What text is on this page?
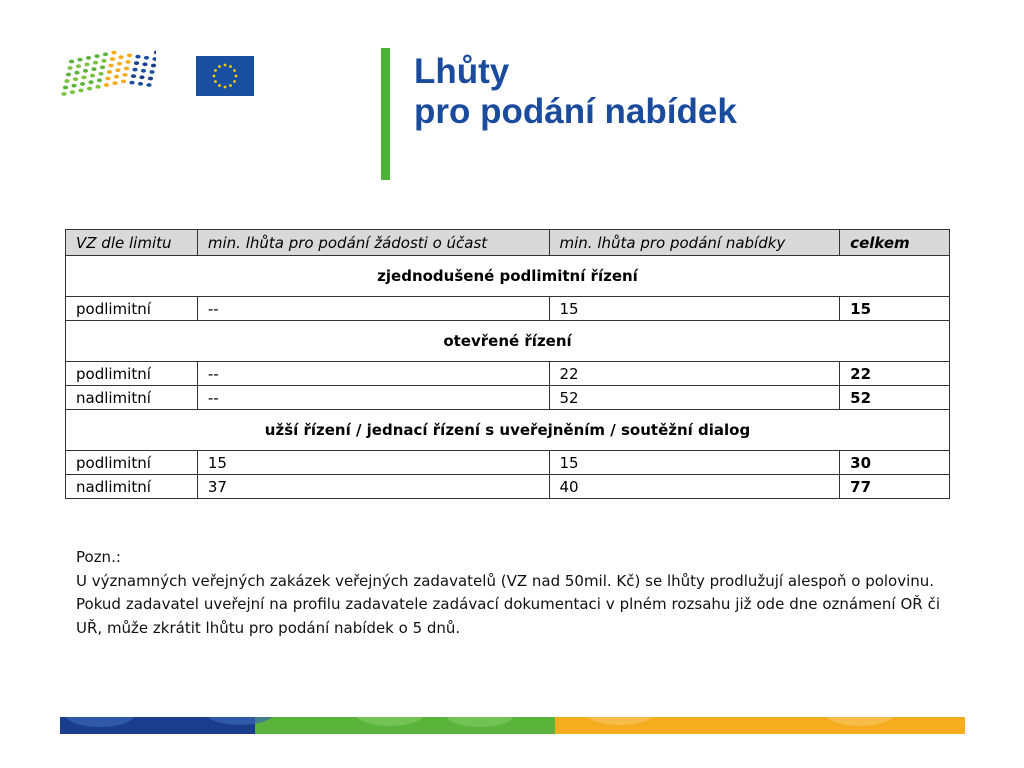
Lhůty
pro podání nabídek
VZ dle limitu	min. lhůta pro podání žádosti o účast	min. lhůta pro podání nabídky	celkem
zjednodušené podlimitní řízení			
podlimitní	--	15	15
otevřené řízení			
podlimitní	--	22	22
nadlimitní	--	52	52
užší řízení / jednací řízení s uveřejněním / soutěžní dialog			
podlimitní	15	15	30
nadlimitní	37	40	77

Pozn.:

U významných veřejných zakázek veřejných zadavatelů (VZ nad 50mil. Kč) se lhůty prodlužují alespoň o polovinu.

Pokud zadavatel uveřejní na profilu zadavatele zadávací dokumentaci v plném rozsahu již ode dne oznámení OŘ či UŘ, může zkrátit lhůtu pro podání nabídek o 5 dnů.
